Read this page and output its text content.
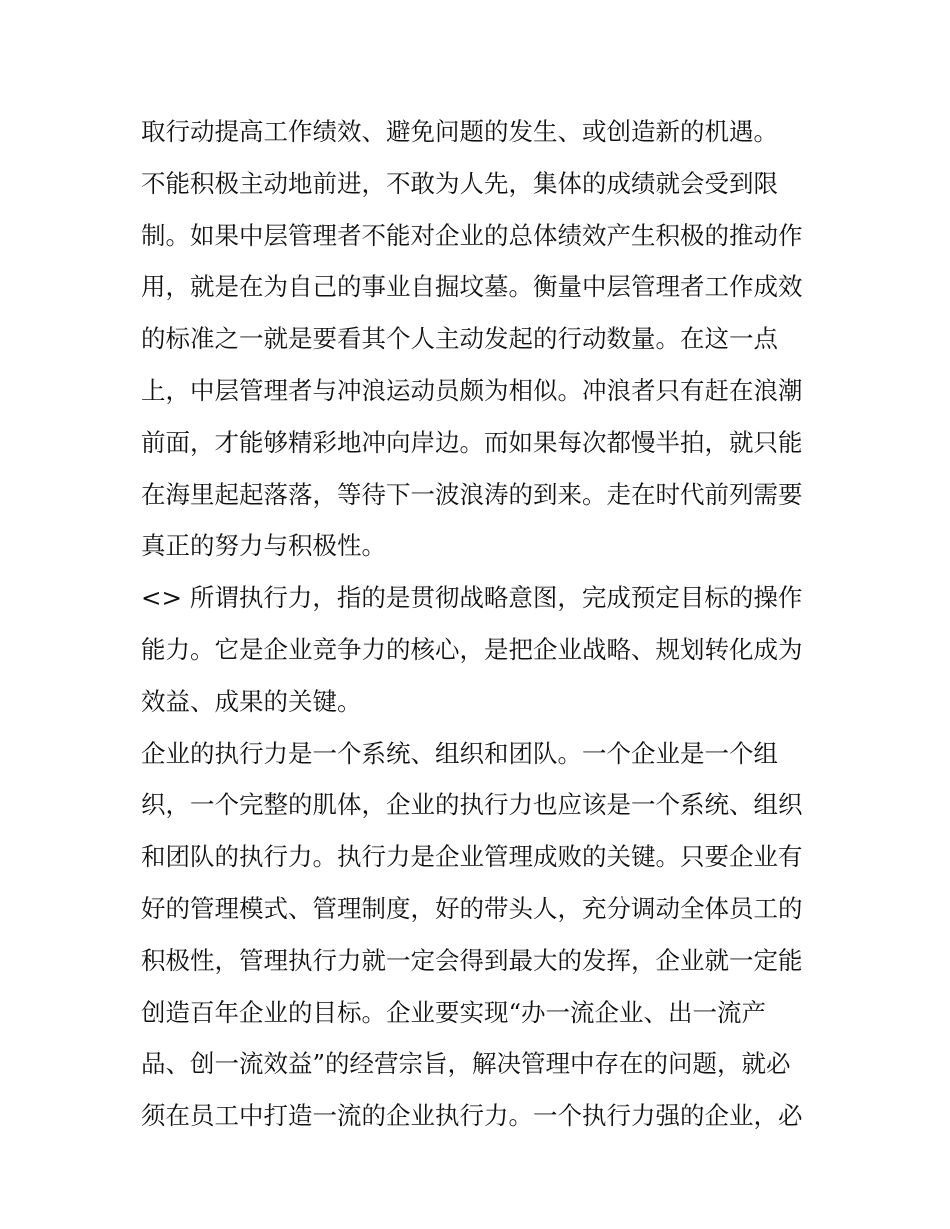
取行动提高工作绩效、避免问题的发生、或创造新的机遇。
不能积极主动地前进，不敢为人先，集体的成绩就会受到限
制。如果中层管理者不能对企业的总体绩效产生积极的推动作
用，就是在为自己的事业自掘坟墓。衡量中层管理者工作成效
的标准之一就是要看其个人主动发起的行动数量。在这一点
上，中层管理者与冲浪运动员颇为相似。冲浪者只有赶在浪潮
前面，才能够精彩地冲向岸边。而如果每次都慢半拍，就只能
在海里起起落落，等待下一波浪涛的到来。走在时代前列需要
真正的努力与积极性。
<> 所谓执行力，指的是贯彻战略意图，完成预定目标的操作
能力。它是企业竞争力的核心，是把企业战略、规划转化成为
效益、成果的关键。
企业的执行力是一个系统、组织和团队。一个企业是一个组
织，一个完整的肌体，企业的执行力也应该是一个系统、组织
和团队的执行力。执行力是企业管理成败的关键。只要企业有
好的管理模式、管理制度，好的带头人，充分调动全体员工的
积极性，管理执行力就一定会得到最大的发挥，企业就一定能
创造百年企业的目标。企业要实现“办一流企业、出一流产
品、创一流效益”的经营宗旨，解决管理中存在的问题，就必
须在员工中打造一流的企业执行力。一个执行力强的企业，必
